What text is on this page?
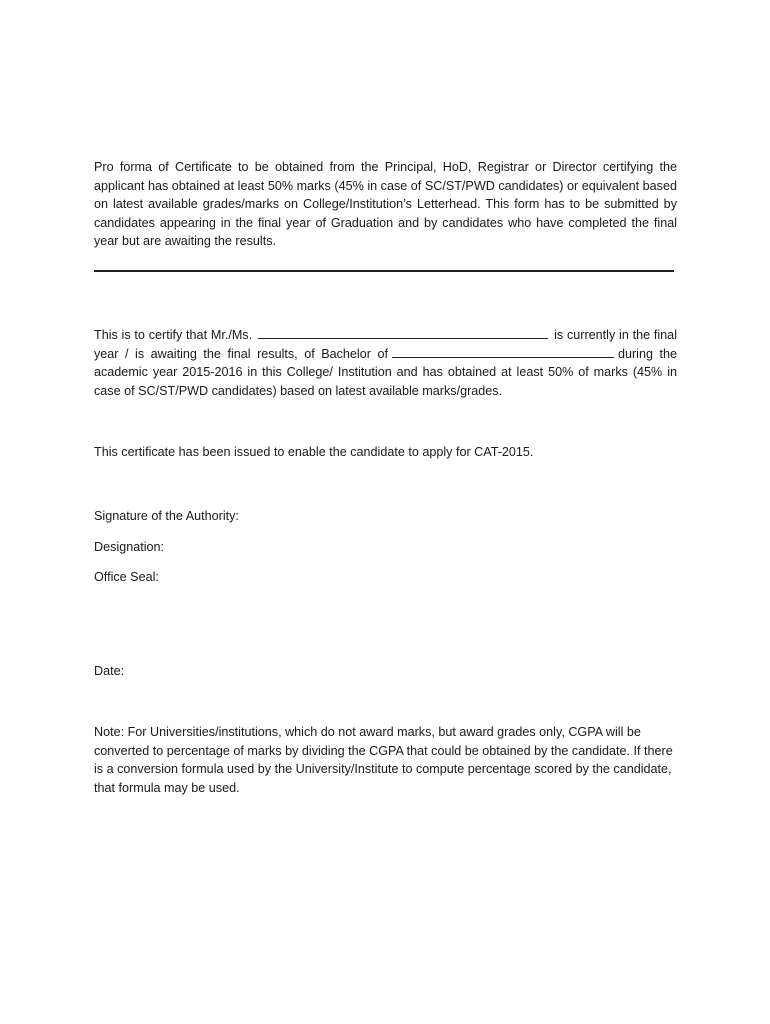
Pro forma of Certificate to be obtained from the Principal, HoD, Registrar or Director certifying the applicant has obtained at least 50% marks (45% in case of SC/ST/PWD candidates) or equivalent based on latest available grades/marks on College/Institution’s Letterhead. This form has to be submitted by candidates appearing in the final year of Graduation and by candidates who have completed the final year but are awaiting the results.

This is to certify that Mr./Ms.	is currently in the final year / is awaiting the final results, of Bachelor of	during the academic year 2015-2016 in this College/ Institution and has obtained at least 50% of marks (45% in case of SC/ST/PWD candidates) based on latest available marks/grades.

This certificate has been issued to enable the candidate to apply for CAT-2015.

Signature of the Authority:

Designation:

Office Seal:

Date:

Note: For Universities/institutions, which do not award marks, but award grades only, CGPA will be converted to percentage of marks by dividing the CGPA that could be obtained by the candidate. If there is a conversion formula used by the University/Institute to compute percentage scored by the candidate, that formula may be used.
